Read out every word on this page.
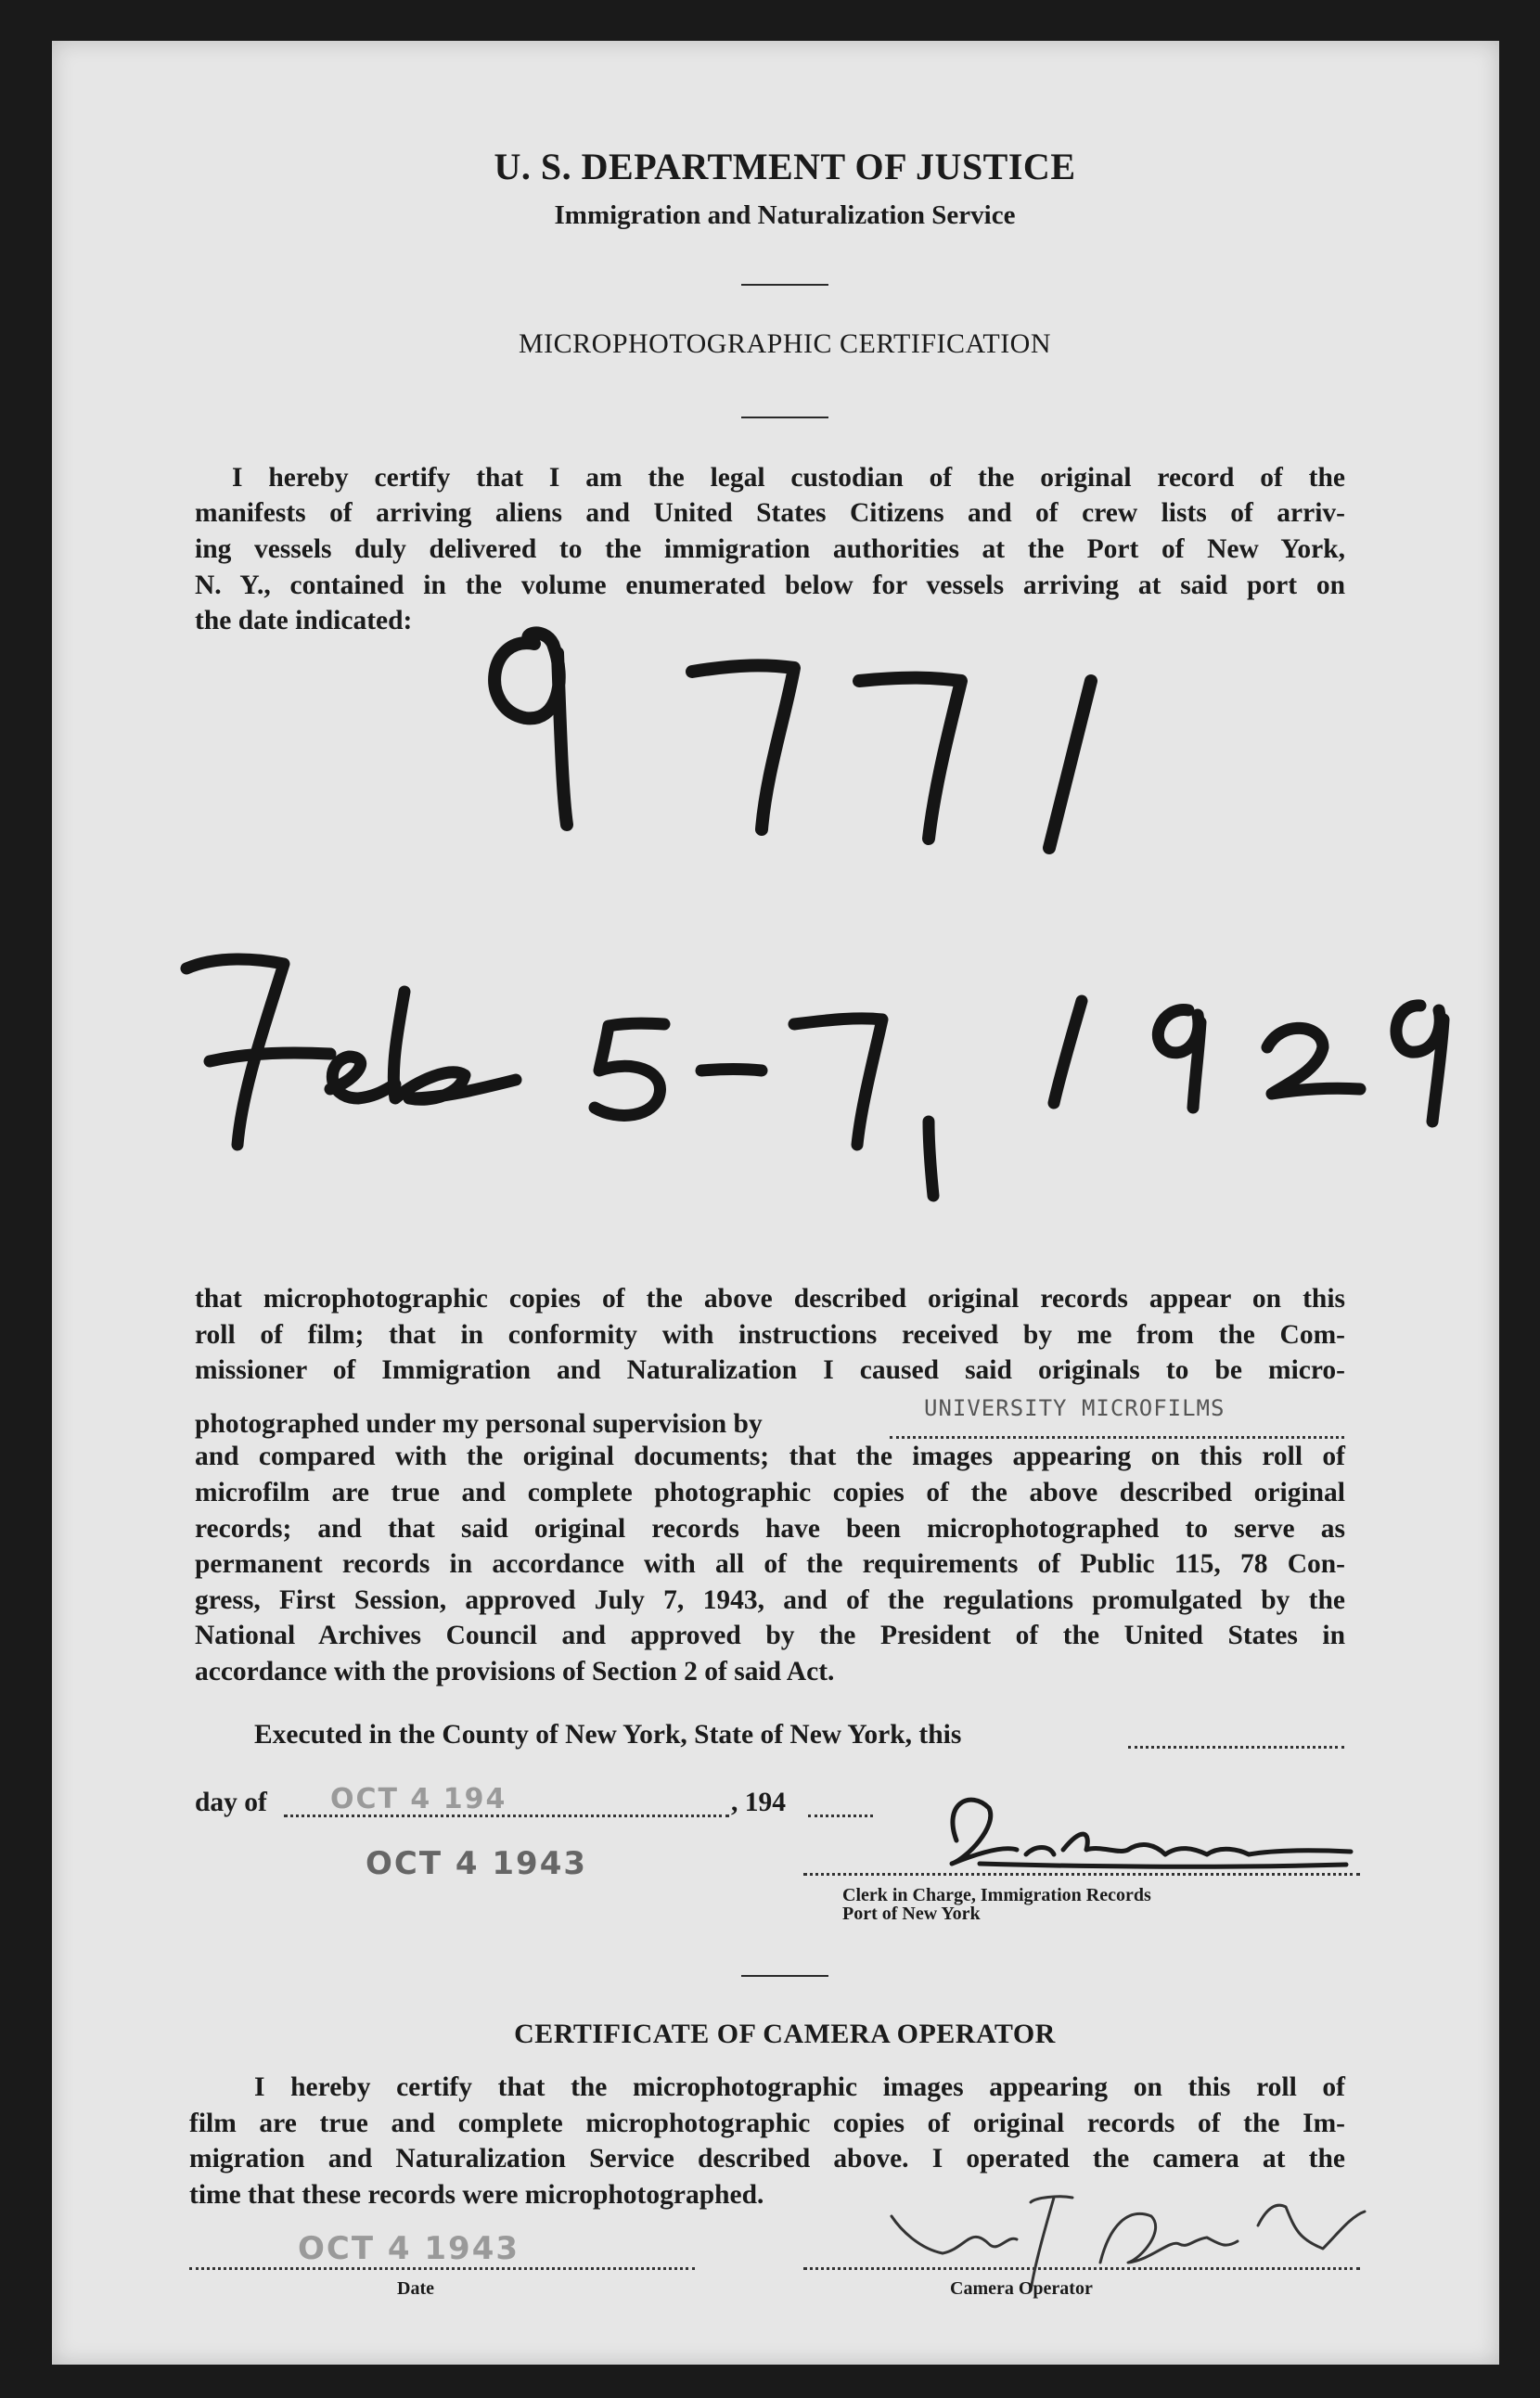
U. S. DEPARTMENT OF JUSTICE
Immigration and Naturalization Service
MICROPHOTOGRAPHIC CERTIFICATION
I hereby certify that I am the legal custodian of the original record of the
manifests of arriving aliens and United States Citizens and of crew lists of arriv-
ing vessels duly delivered to the immigration authorities at the Port of New York,
N. Y., contained in the volume enumerated below for vessels arriving at said port on
the date indicated:
that microphotographic copies of the above described original records appear on this
roll of film; that in conformity with instructions received by me from the Com-
missioner of Immigration and Naturalization I caused said originals to be micro-
photographed under my personal supervision by
UNIVERSITY MICROFILMS
and compared with the original documents; that the images appearing on this roll of
microfilm are true and complete photographic copies of the above described original
records; and that said original records have been microphotographed to serve as
permanent records in accordance with all of the requirements of Public 115, 78 Con-
gress, First Session, approved July 7, 1943, and of the regulations promulgated by the
National Archives Council and approved by the President of the United States in
accordance with the provisions of Section 2 of said Act.
Executed in the County of New York, State of New York, this
day of OCT 4 194	, 194
OCT 4 1943
Clerk in Charge, Immigration Records
Port of New York
CERTIFICATE OF CAMERA OPERATOR
I hereby certify that the microphotographic images appearing on this roll of
film are true and complete microphotographic copies of original records of the Im-
migration and Naturalization Service described above. I operated the camera at the
time that these records were microphotographed.
OCT 4 1943
Date	Camera Operator
